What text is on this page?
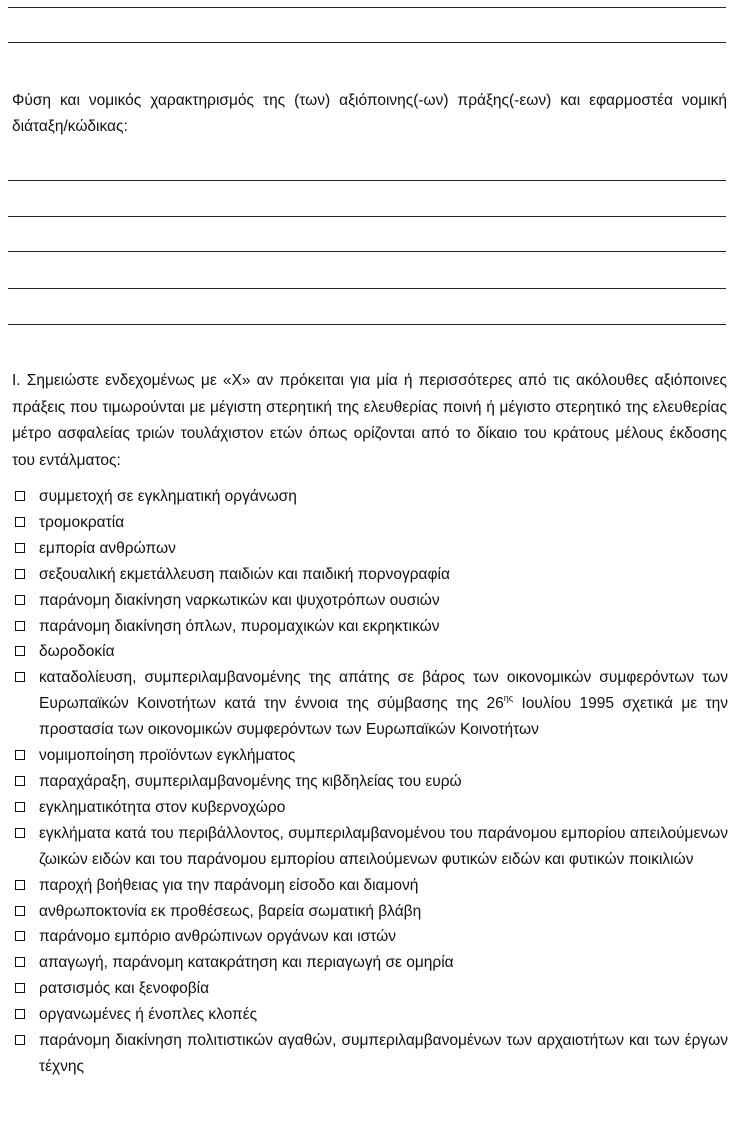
Φύση και νομικός χαρακτηρισμός της (των) αξιόποινης(-ων) πράξης(-εων) και εφαρμοστέα νομική διάταξη/κώδικας:
I. Σημειώστε ενδεχομένως με «Χ» αν πρόκειται για μία ή περισσότερες από τις ακόλουθες αξιόποινες πράξεις που τιμωρούνται με μέγιστη στερητική της ελευθερίας ποινή ή μέγιστο στερητικό της ελευθερίας μέτρο ασφαλείας τριών τουλάχιστον ετών όπως ορίζονται από το δίκαιο του κράτους μέλους έκδοσης του εντάλματος:
συμμετοχή σε εγκληματική οργάνωση
τρομοκρατία
εμπορία ανθρώπων
σεξουαλική εκμετάλλευση παιδιών και παιδική πορνογραφία
παράνομη διακίνηση ναρκωτικών και ψυχοτρόπων ουσιών
παράνομη διακίνηση όπλων, πυρομαχικών και εκρηκτικών
δωροδοκία
καταδολίευση, συμπεριλαμβανομένης της απάτης σε βάρος των οικονομικών συμφερόντων των Ευρωπαϊκών Κοινοτήτων κατά την έννοια της σύμβασης της $26^{\eta\varsigma}$ Ιουλίου 1995 σχετικά με την προστασία των οικονομικών συμφερόντων των Ευρωπαϊκών Κοινοτήτων
νομιμοποίηση προϊόντων εγκλήματος
παραχάραξη, συμπεριλαμβανομένης της κιβδηλείας του ευρώ
εγκληματικότητα στον κυβερνοχώρο
εγκλήματα κατά του περιβάλλοντος, συμπεριλαμβανομένου του παράνομου εμπορίου απειλούμενων ζωικών ειδών και του παράνομου εμπορίου απειλούμενων φυτικών ειδών και φυτικών ποικιλιών
παροχή βοήθειας για την παράνομη είσοδο και διαμονή
ανθρωποκτονία εκ προθέσεως, βαρεία σωματική βλάβη
παράνομο εμπόριο ανθρώπινων οργάνων και ιστών
απαγωγή, παράνομη κατακράτηση και περιαγωγή σε ομηρία
ρατσισμός και ξενοφοβία
οργανωμένες ή ένοπλες κλοπές
παράνομη διακίνηση πολιτιστικών αγαθών, συμπεριλαμβανομένων των αρχαιοτήτων και των έργων τέχνης
